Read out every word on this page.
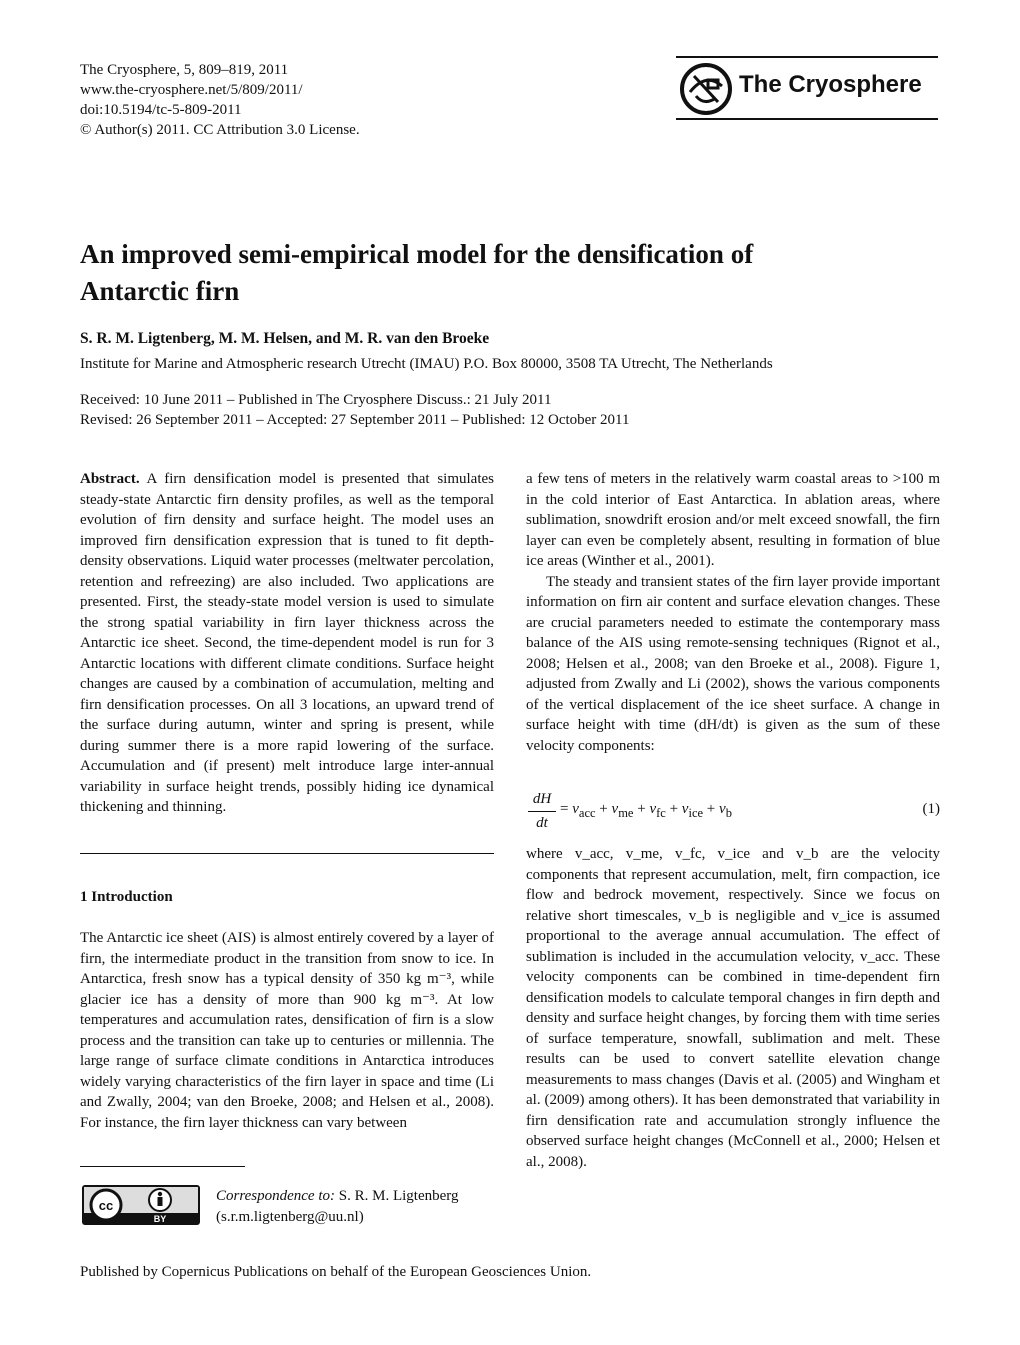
The Cryosphere, 5, 809–819, 2011
www.the-cryosphere.net/5/809/2011/
doi:10.5194/tc-5-809-2011
© Author(s) 2011. CC Attribution 3.0 License.
The Cryosphere
An improved semi-empirical model for the densification of
Antarctic firn
S. R. M. Ligtenberg, M. M. Helsen, and M. R. van den Broeke
Institute for Marine and Atmospheric research Utrecht (IMAU) P.O. Box 80000, 3508 TA Utrecht, The Netherlands
Received: 10 June 2011 – Published in The Cryosphere Discuss.: 21 July 2011
Revised: 26 September 2011 – Accepted: 27 September 2011 – Published: 12 October 2011

Abstract. A firn densification model is presented that simulates steady-state Antarctic firn density profiles, as well as the temporal evolution of firn density and surface height. The model uses an improved firn densification expression that is tuned to fit depth-density observations. Liquid water processes (meltwater percolation, retention and refreezing) are also included. Two applications are presented. First, the steady-state model version is used to simulate the strong spatial variability in firn layer thickness across the Antarctic ice sheet. Second, the time-dependent model is run for 3 Antarctic locations with different climate conditions. Surface height changes are caused by a combination of accumulation, melting and firn densification processes. On all 3 locations, an upward trend of the surface during autumn, winter and spring is present, while during summer there is a more rapid lowering of the surface. Accumulation and (if present) melt introduce large inter-annual variability in surface height trends, possibly hiding ice dynamical thickening and thinning.

1 Introduction

The Antarctic ice sheet (AIS) is almost entirely covered by a layer of firn, the intermediate product in the transition from snow to ice. In Antarctica, fresh snow has a typical density of 350 kg m⁻³, while glacier ice has a density of more than 900 kg m⁻³. At low temperatures and accumulation rates, densification of firn is a slow process and the transition can take up to centuries or millennia. The large range of surface climate conditions in Antarctica introduces widely varying characteristics of the firn layer in space and time (Li and Zwally, 2004; van den Broeke, 2008; and Helsen et al., 2008). For instance, the firn layer thickness can vary between

cc
BY
Correspondence to: S. R. M. Ligtenberg
(s.r.m.ligtenberg@uu.nl)

a few tens of meters in the relatively warm coastal areas to >100 m in the cold interior of East Antarctica. In ablation areas, where sublimation, snowdrift erosion and/or melt exceed snowfall, the firn layer can even be completely absent, resulting in formation of blue ice areas (Winther et al., 2001).

The steady and transient states of the firn layer provide important information on firn air content and surface elevation changes. These are crucial parameters needed to estimate the contemporary mass balance of the AIS using remote-sensing techniques (Rignot et al., 2008; Helsen et al., 2008; van den Broeke et al., 2008). Figure 1, adjusted from Zwally and Li (2002), shows the various components of the vertical displacement of the ice sheet surface. A change in surface height with time (dH/dt) is given as the sum of these velocity components:

dH
dt
= $v_{acc} + v_{me} + v_{fc} + v_{ice} + v_b$	(1)

where v_acc, v_me, v_fc, v_ice and v_b are the velocity components that represent accumulation, melt, firn compaction, ice flow and bedrock movement, respectively. Since we focus on relative short timescales, v_b is negligible and v_ice is assumed proportional to the average annual accumulation. The effect of sublimation is included in the accumulation velocity, v_acc. These velocity components can be combined in time-dependent firn densification models to calculate temporal changes in firn depth and density and surface height changes, by forcing them with time series of surface temperature, snowfall, sublimation and melt. These results can be used to convert satellite elevation change measurements to mass changes (Davis et al. (2005) and Wingham et al. (2009) among others). It has been demonstrated that variability in firn densification rate and accumulation strongly influence the observed surface height changes (McConnell et al., 2000; Helsen et al., 2008).

Published by Copernicus Publications on behalf of the European Geosciences Union.
